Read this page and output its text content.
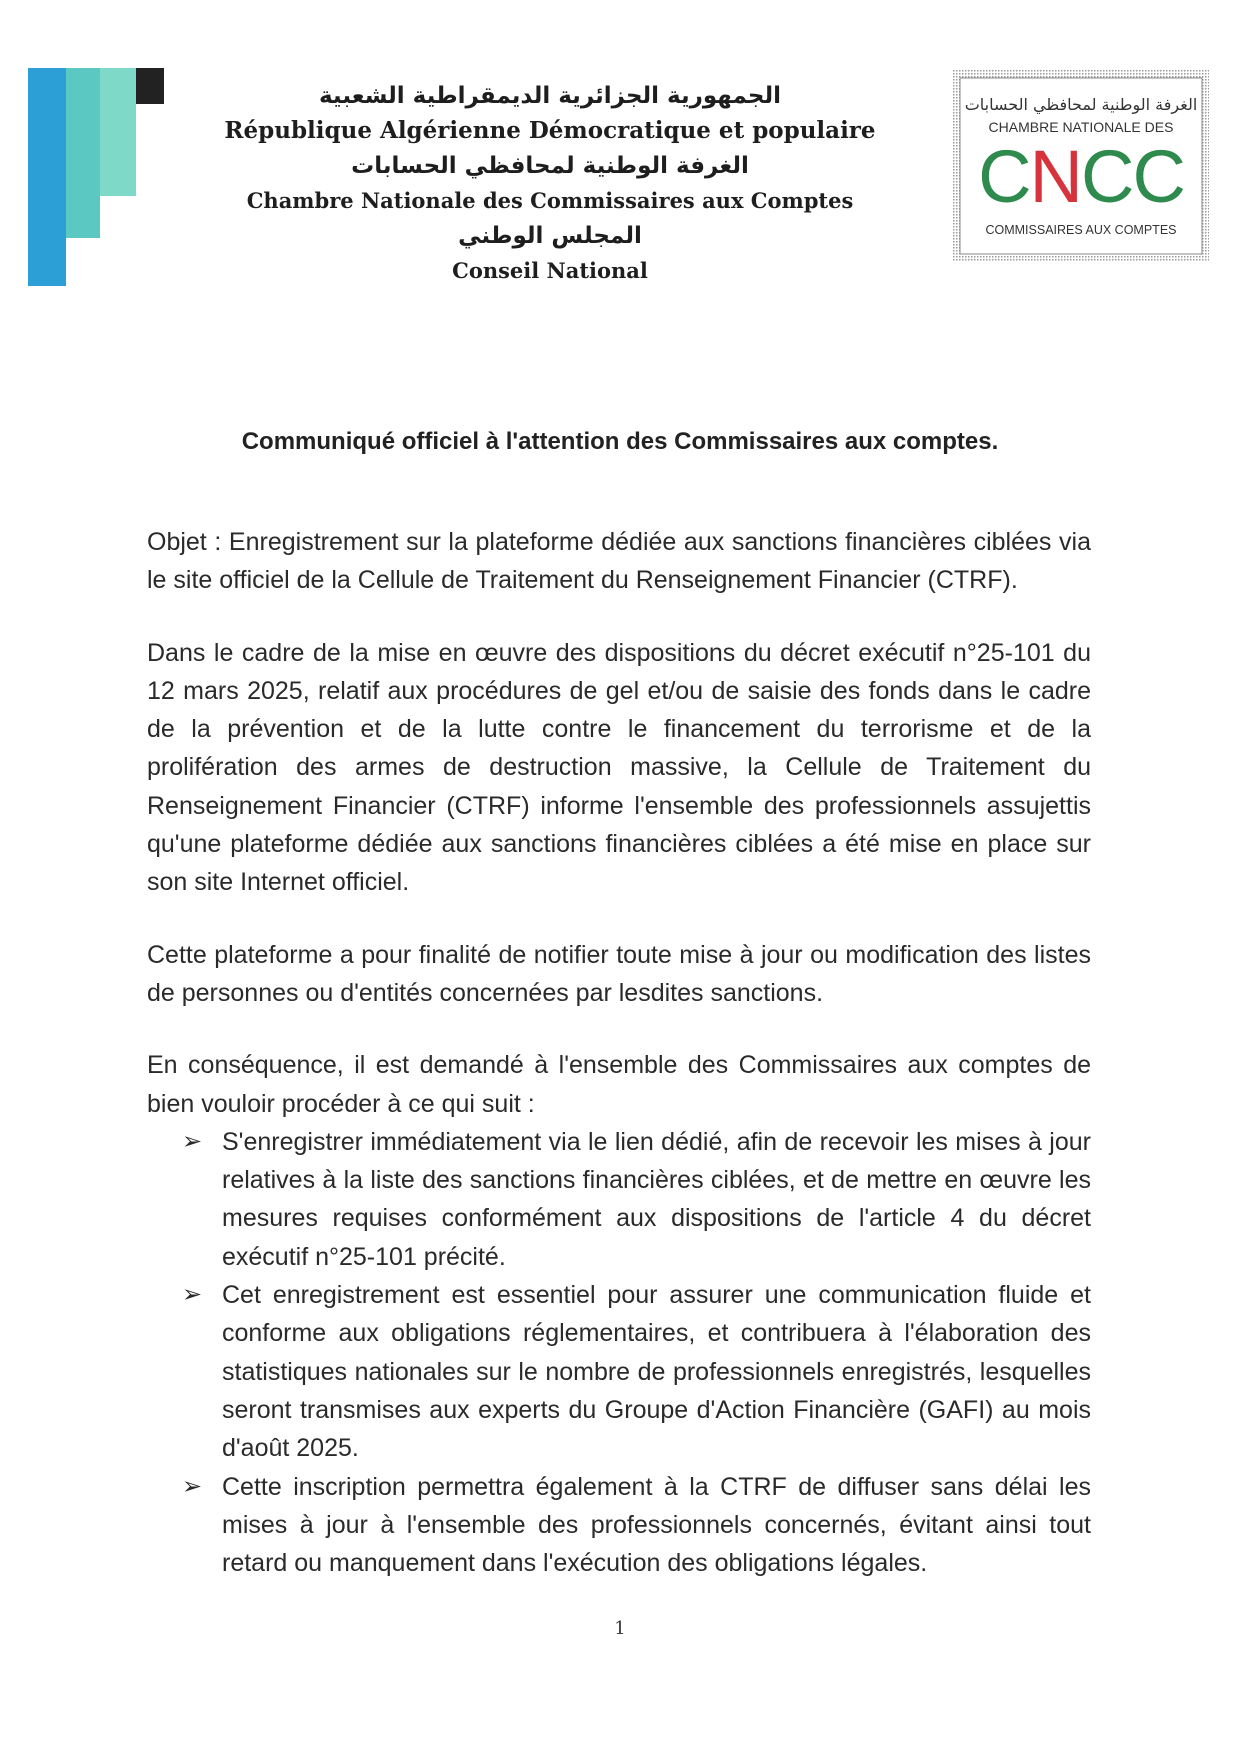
الجمهورية الجزائرية الديمقراطية الشعبية
République Algérienne Démocratique et populaire
الغرفة الوطنية لمحافظي الحسابات
Chambre Nationale des Commissaires aux Comptes
المجلس الوطني
Conseil National
الغرفة الوطنية لمحافظي الحسابات
CHAMBRE NATIONALE DES
CNCC
COMMISSAIRES AUX COMPTES
Communiqué officiel à l'attention des Commissaires aux comptes.

Objet : Enregistrement sur la plateforme dédiée aux sanctions financières ciblées via le site officiel de la Cellule de Traitement du Renseignement Financier (CTRF).

Dans le cadre de la mise en œuvre des dispositions du décret exécutif n°25-101 du 12 mars 2025, relatif aux procédures de gel et/ou de saisie des fonds dans le cadre de la prévention et de la lutte contre le financement du terrorisme et de la prolifération des armes de destruction massive, la Cellule de Traitement du Renseignement Financier (CTRF) informe l'ensemble des professionnels assujettis qu'une plateforme dédiée aux sanctions financières ciblées a été mise en place sur son site Internet officiel.

Cette plateforme a pour finalité de notifier toute mise à jour ou modification des listes de personnes ou d'entités concernées par lesdites sanctions.

En conséquence, il est demandé à l'ensemble des Commissaires aux comptes de bien vouloir procéder à ce qui suit :

➢ S'enregistrer immédiatement via le lien dédié, afin de recevoir les mises à jour relatives à la liste des sanctions financières ciblées, et de mettre en œuvre les mesures requises conformément aux dispositions de l'article 4 du décret exécutif n°25-101 précité.
➢ Cet enregistrement est essentiel pour assurer une communication fluide et conforme aux obligations réglementaires, et contribuera à l'élaboration des statistiques nationales sur le nombre de professionnels enregistrés, lesquelles seront transmises aux experts du Groupe d'Action Financière (GAFI) au mois d'août 2025.
➢ Cette inscription permettra également à la CTRF de diffuser sans délai les mises à jour à l'ensemble des professionnels concernés, évitant ainsi tout retard ou manquement dans l'exécution des obligations légales.
1
